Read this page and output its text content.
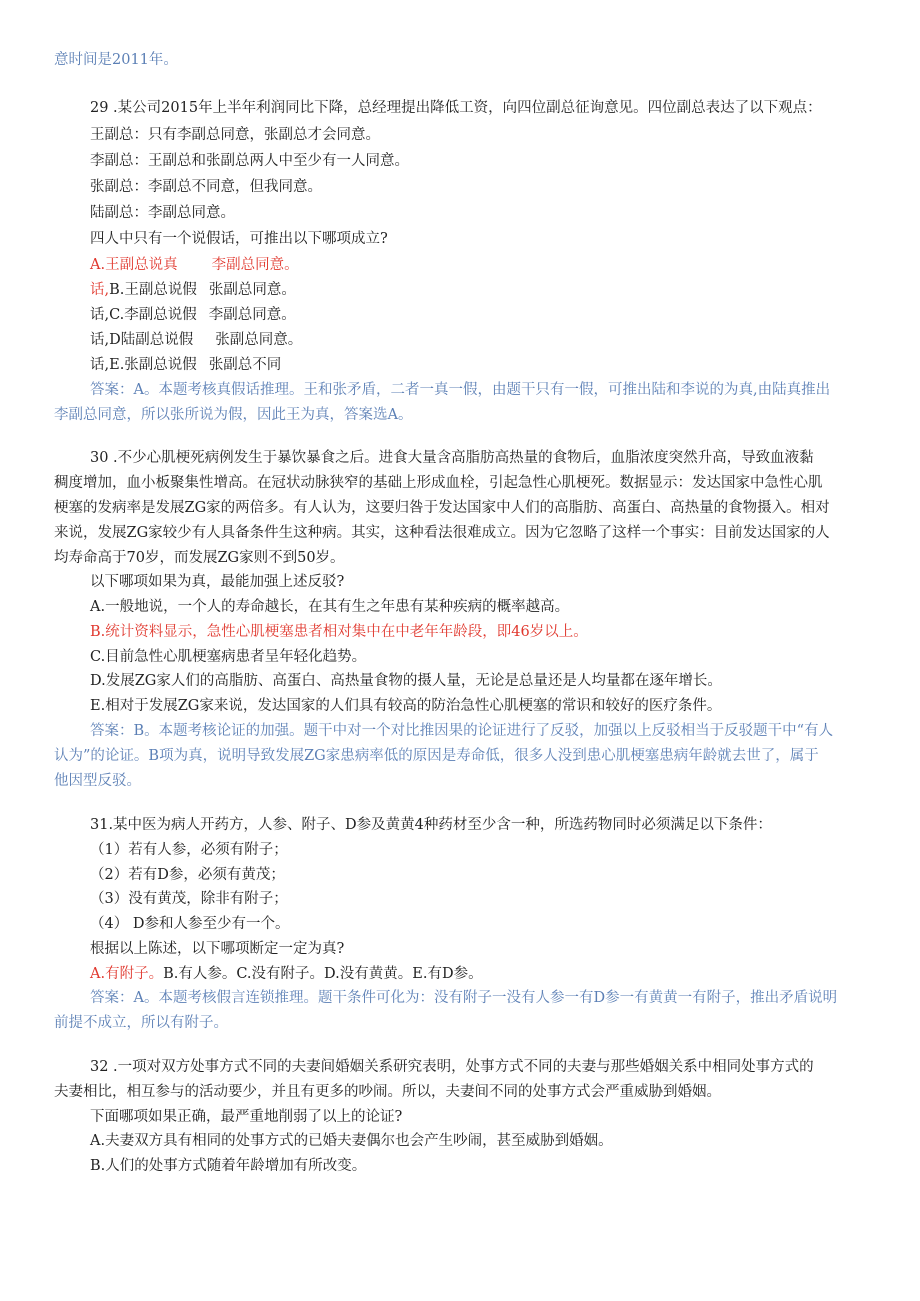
意时间是2011年。
29 .某公司2015年上半年利润同比下降，总经理提出降低工资，向四位副总征询意见。四位副总表达了以下观点：
王副总：只有李副总同意，张副总才会同意。
李副总：王副总和张副总两人中至少有一人同意。
张副总：李副总不同意，但我同意。
陆副总：李副总同意。
四人中只有一个说假话，可推出以下哪项成立?
A.王副总说真 李副总同意。
话,B.王副总说假 张副总同意。
话,C.李副总说假 李副总同意。
话,D陆副总说假 张副总同意。
话,E.张副总说假 张副总不同
答案：A。本题考核真假话推理。王和张矛盾，二者一真一假，由题干只有一假，可推出陆和李说的为真,由陆真推出
李副总同意，所以张所说为假，因此王为真，答案选A。
30 .不少心肌梗死病例发生于暴饮暴食之后。进食大量含高脂肪高热量的食物后，血脂浓度突然升高，导致血液黏
稠度增加，血小板聚集性增高。在冠状动脉狭窄的基础上形成血栓，引起急性心肌梗死。数据显示：发达国家中急性心肌
梗塞的发病率是发展ZG家的两倍多。有人认为，这要归咎于发达国家中人们的高脂肪、高蛋白、高热量的食物摄入。相对
来说，发展ZG家较少有人具备条件生这种病。其实，这种看法很难成立。因为它忽略了这样一个事实：目前发达国家的人
均寿命高于70岁，而发展ZG家则不到50岁。
以下哪项如果为真，最能加强上述反驳?
A.一般地说，一个人的寿命越长，在其有生之年患有某种疾病的概率越高。
B.统计资料显示，急性心肌梗塞患者相对集中在中老年年龄段，即46岁以上。
C.目前急性心肌梗塞病患者呈年轻化趋势。
D.发展ZG家人们的高脂肪、高蛋白、高热量食物的摄人量，无论是总量还是人均量都在逐年增长。
E.相对于发展ZG家来说，发达国家的人们具有较高的防治急性心肌梗塞的常识和较好的医疗条件。
答案：B。本题考核论证的加强。题干中对一个对比推因果的论证进行了反驳，加强以上反驳相当于反驳题干中“有人
认为”的论证。B项为真，说明导致发展ZG家患病率低的原因是寿命低，很多人没到患心肌梗塞患病年龄就去世了，属于
他因型反驳。
31.某中医为病人开药方，人参、附子、D参及黄黄4种药材至少含一种，所选药物同时必须满足以下条件：
（1）若有人参，必须有附子；
（2）若有D参，必须有黄茂；
（3）没有黄茂，除非有附子；
（4） D参和人参至少有一个。
根据以上陈述，以下哪项断定一定为真?
A.有附子。B.有人参。C.没有附子。D.没有黄黄。E.有D参。
答案：A。本题考核假言连锁推理。题干条件可化为：没有附子一没有人参一有D参一有黄黄一有附子，推出矛盾说明
前提不成立，所以有附子。
32 .一项对双方处事方式不同的夫妻间婚姻关系研究表明，处事方式不同的夫妻与那些婚姻关系中相同处事方式的
夫妻相比，相互参与的活动要少，并且有更多的吵闹。所以，夫妻间不同的处事方式会严重威胁到婚姻。
下面哪项如果正确，最严重地削弱了以上的论证?
A.夫妻双方具有相同的处事方式的已婚夫妻偶尔也会产生吵闹，甚至威胁到婚姻。
B.人们的处事方式随着年龄增加有所改变。
